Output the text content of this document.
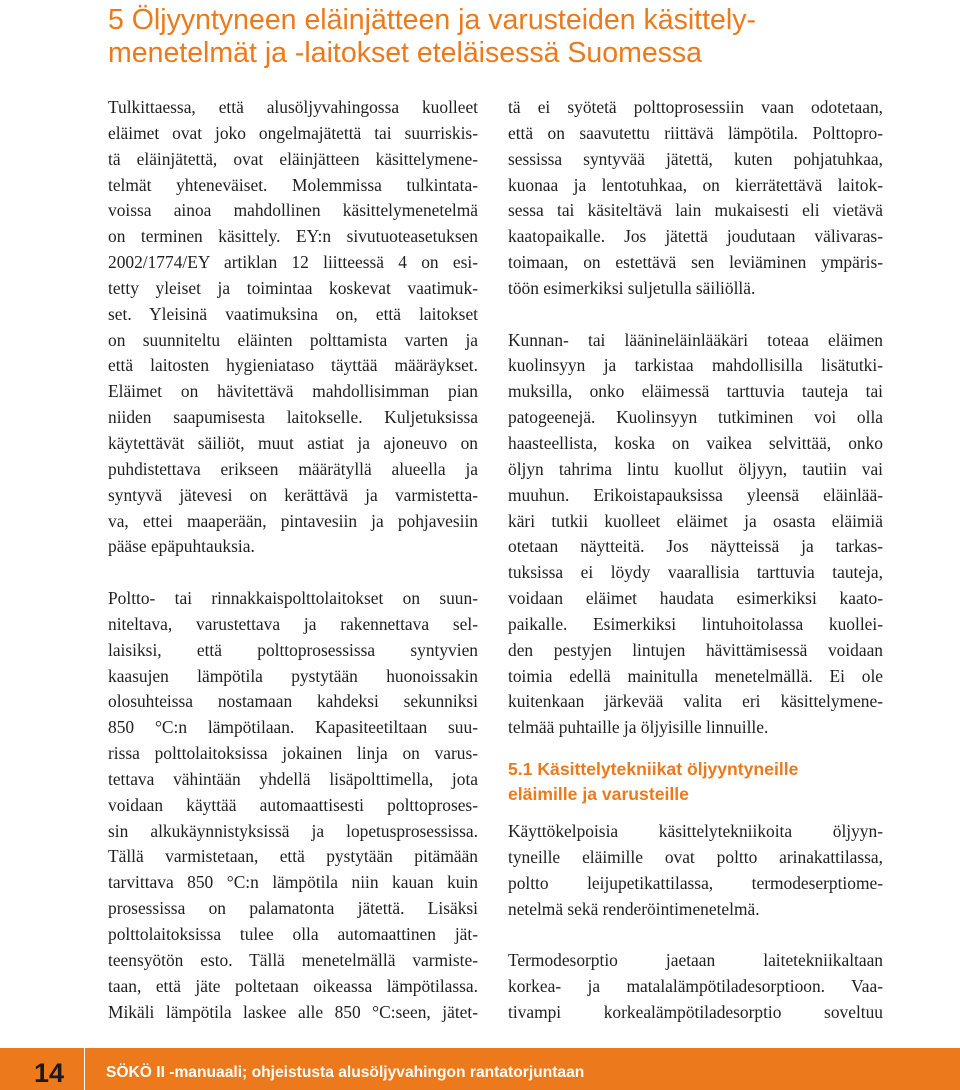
5 Öljyyntyneen eläinjätteen ja varusteiden käsittely-
menetelmät ja -laitokset eteläisessä Suomessa

Tulkittaessa, että alusöljyvahingossa kuolleet
eläimet ovat joko ongelmajätettä tai suurriskis-
tä eläinjätettä, ovat eläinjätteen käsittelymene-
telmät yhteneväiset. Molemmissa tulkintata-
voissa ainoa mahdollinen käsittelymenetelmä
on terminen käsittely. EY:n sivutuoteasetuksen
2002/1774/EY artiklan 12 liitteessä 4 on esi-
tetty yleiset ja toimintaa koskevat vaatimuk-
set. Yleisinä vaatimuksina on, että laitokset
on suunniteltu eläinten polttamista varten ja
että laitosten hygieniataso täyttää määräykset.
Eläimet on hävitettävä mahdollisimman pian
niiden saapumisesta laitokselle. Kuljetuksissa
käytettävät säiliöt, muut astiat ja ajoneuvo on
puhdistettava erikseen määrätyllä alueella ja
syntyvä jätevesi on kerättävä ja varmistetta-
va, ettei maaperään, pintavesiin ja pohjavesiin
pääse epäpuhtauksia.

Poltto- tai rinnakkaispolttolaitokset on suun-
niteltava, varustettava ja rakennettava sel-
laisiksi, että polttoprosessissa syntyvien
kaasujen lämpötila pystytään huonoissakin
olosuhteissa nostamaan kahdeksi sekunniksi
850 °C:n lämpötilaan. Kapasiteetiltaan suu-
rissa polttolaitoksissa jokainen linja on varus-
tettava vähintään yhdellä lisäpolttimella, jota
voidaan käyttää automaattisesti polttoproses-
sin alkukäynnistyksissä ja lopetusprosessissa.
Tällä varmistetaan, että pystytään pitämään
tarvittava 850 °C:n lämpötila niin kauan kuin
prosessissa on palamatonta jätettä. Lisäksi
polttolaitoksissa tulee olla automaattinen jät-
teensyötön esto. Tällä menetelmällä varmiste-
taan, että jäte poltetaan oikeassa lämpötilassa.
Mikäli lämpötila laskee alle 850 °C:seen, jätet-

tä ei syötetä polttoprosessiin vaan odotetaan,
että on saavutettu riittävä lämpötila. Polttopro-
sessissa syntyvää jätettä, kuten pohjatuhkaa,
kuonaa ja lentotuhkaa, on kierrätettävä laitok-
sessa tai käsiteltävä lain mukaisesti eli vietävä
kaatopaikalle. Jos jätettä joudutaan välivaras-
toimaan, on estettävä sen leviäminen ympäris-
töön esimerkiksi suljetulla säiliöllä.

Kunnan- tai läänineläinlääkäri toteaa eläimen
kuolinsyyn ja tarkistaa mahdollisilla lisätutki-
muksilla, onko eläimessä tarttuvia tauteja tai
patogeenejä. Kuolinsyyn tutkiminen voi olla
haasteellista, koska on vaikea selvittää, onko
öljyn tahrima lintu kuollut öljyyn, tautiin vai
muuhun. Erikoistapauksissa yleensä eläinlää-
käri tutkii kuolleet eläimet ja osasta eläimiä
otetaan näytteitä. Jos näytteissä ja tarkas-
tuksissa ei löydy vaarallisia tarttuvia tauteja,
voidaan eläimet haudata esimerkiksi kaato-
paikalle. Esimerkiksi lintuhoitolassa kuollei-
den pestyjen lintujen hävittämisessä voidaan
toimia edellä mainitulla menetelmällä. Ei ole
kuitenkaan järkevää valita eri käsittelymene-
telmää puhtaille ja öljyisille linnuille.

5.1 Käsittelytekniikat öljyyntyneille
eläimille ja varusteille

Käyttökelpoisia käsittelytekniikoita öljyyn-
tyneille eläimille ovat poltto arinakattilassa,
poltto leijupetikattilassa, termodeserptiome-
netelmä sekä renderöintimenetelmä.

Termodesorptio jaetaan laitetekniikaltaan
korkea- ja matalalämpötiladesorptioon. Vaa-
tivampi korkealämpötiladesorptio soveltuu

14	SÖKÖ II -manuaali; ohjeistusta alusöljyvahingon rantatorjuntaan
